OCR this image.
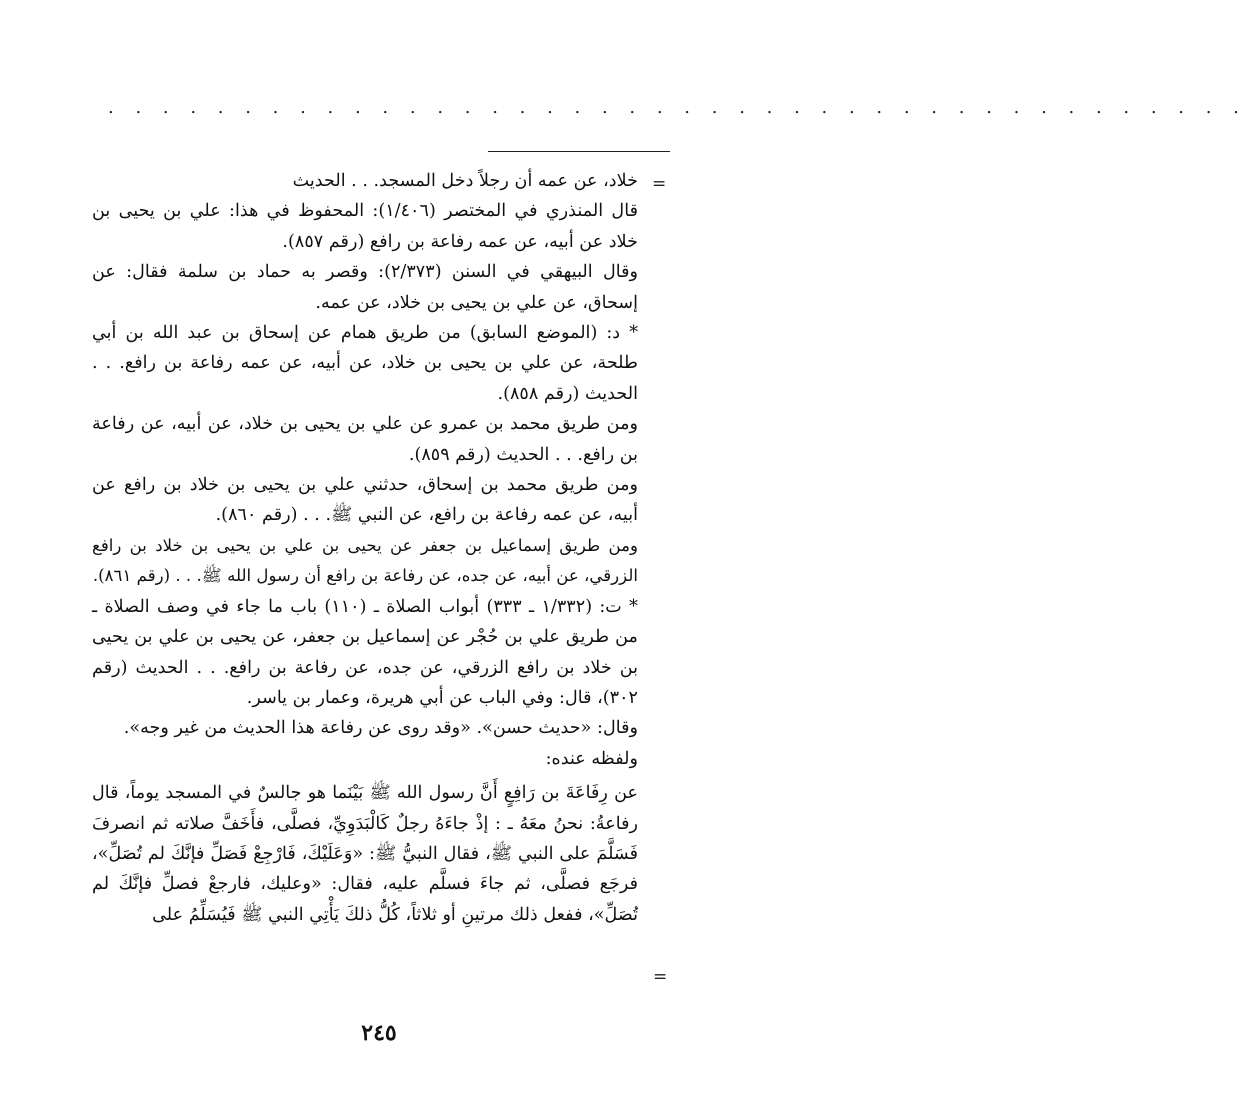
. . . . . . . . . . . . . . . . . . . . . . . . . . . . . . . . . . . . . . . . . .
=

خلاد، عن عمه أن رجلاً دخل المسجد. . . الحديث

قال المنذري في المختصر (١/٤٠٦): المحفوظ في هذا: علي بن يحيى بن خلاد عن أبيه، عن عمه رفاعة بن رافع (رقم ٨٥٧).

وقال البيهقي في السنن (٢/٣٧٣): وقصر به حماد بن سلمة فقال: عن إسحاق، عن علي بن يحيى بن خلاد، عن عمه.

* د: (الموضع السابق) من طريق همام عن إسحاق بن عبد الله بن أبي طلحة، عن علي بن يحيى بن خلاد، عن أبيه، عن عمه رفاعة بن رافع. . . الحديث (رقم ٨٥٨).

ومن طريق محمد بن عمرو عن علي بن يحيى بن خلاد، عن أبيه، عن رفاعة بن رافع. . . الحديث (رقم ٨٥٩).

ومن طريق محمد بن إسحاق، حدثني علي بن يحيى بن خلاد بن رافع عن أبيه، عن عمه رفاعة بن رافع، عن النبي ﷺ. . . (رقم ٨٦٠).

ومن طريق إسماعيل بن جعفر عن يحيى بن علي بن يحيى بن خلاد بن رافع الزرقي، عن أبيه، عن جده، عن رفاعة بن رافع أن رسول الله ﷺ. . . (رقم ٨٦١).

* ت: (١/٣٣٢ ـ ٣٣٣) أبواب الصلاة ـ (١١٠) باب ما جاء في وصف الصلاة ـ من طريق علي بن حُجْر عن إسماعيل بن جعفر، عن يحيى بن علي بن يحيى بن خلاد بن رافع الزرقي، عن جده، عن رفاعة بن رافع. . . الحديث (رقم ٣٠٢)، قال: وفي الباب عن أبي هريرة، وعمار بن ياسر.

وقال: «حديث حسن». «وقد روى عن رفاعة هذا الحديث من غير وجه».

ولفظه عنده:

عن رِفَاعَةَ بن رَافِعٍ أَنَّ رسول الله ﷺ بَيْنَما هو جالسٌ في المسجد يوماً، قال رفاعةُ: نحنُ معَهُ ـ : إذْ جاءَهُ رجلٌ كَالْبَدَوِيِّ، فصلَّى، فأَخَفَّ صلاته ثم انصرفَ فَسَلَّمَ على النبي ﷺ، فقال النبيُّ ﷺ: «وَعَلَيْكَ، فَارْجِعْ فَصَلِّ فإنَّكَ لم تُصَلِّ»، فرجَع فصلَّى، ثم جاءَ فسلَّم عليه، فقال: «وعليك، فارجعْ فصلِّ فإنَّكَ لم تُصَلِّ»، ففعل ذلك مرتينِ أو ثلاثاً، كُلُّ ذلكَ يَأْتِي النبي ﷺ فَيُسَلِّمُ على

=
٢٤٥
